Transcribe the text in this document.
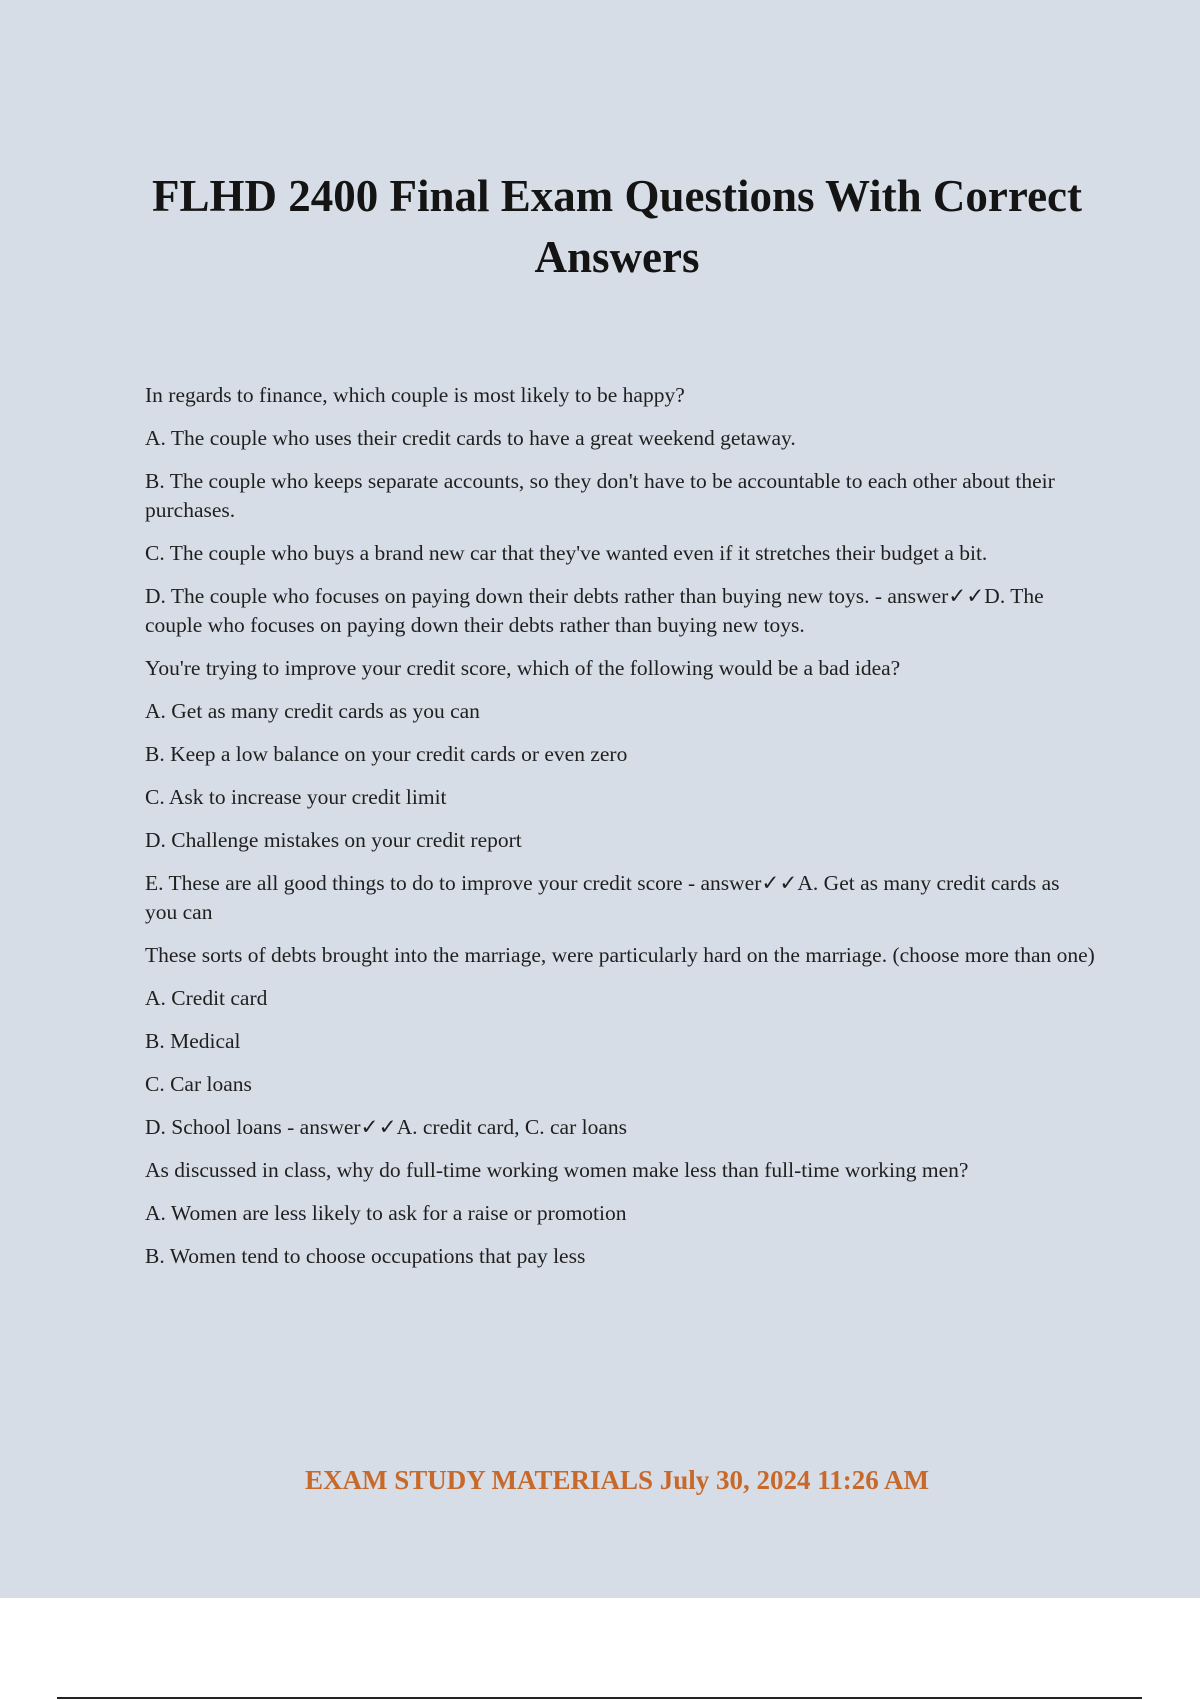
FLHD 2400 Final Exam Questions With Correct Answers

In regards to finance, which couple is most likely to be happy?

A. The couple who uses their credit cards to have a great weekend getaway.

B. The couple who keeps separate accounts, so they don't have to be accountable to each other about their purchases.

C. The couple who buys a brand new car that they've wanted even if it stretches their budget a bit.

D. The couple who focuses on paying down their debts rather than buying new toys. - answer✓✓D. The couple who focuses on paying down their debts rather than buying new toys.

You're trying to improve your credit score, which of the following would be a bad idea?

A. Get as many credit cards as you can

B. Keep a low balance on your credit cards or even zero

C. Ask to increase your credit limit

D. Challenge mistakes on your credit report

E. These are all good things to do to improve your credit score - answer✓✓A. Get as many credit cards as you can

These sorts of debts brought into the marriage, were particularly hard on the marriage. (choose more than one)

A. Credit card

B. Medical

C. Car loans

D. School loans - answer✓✓A. credit card, C. car loans

As discussed in class, why do full-time working women make less than full-time working men?

A. Women are less likely to ask for a raise or promotion

B. Women tend to choose occupations that pay less

EXAM STUDY MATERIALS July 30, 2024 11:26 AM
